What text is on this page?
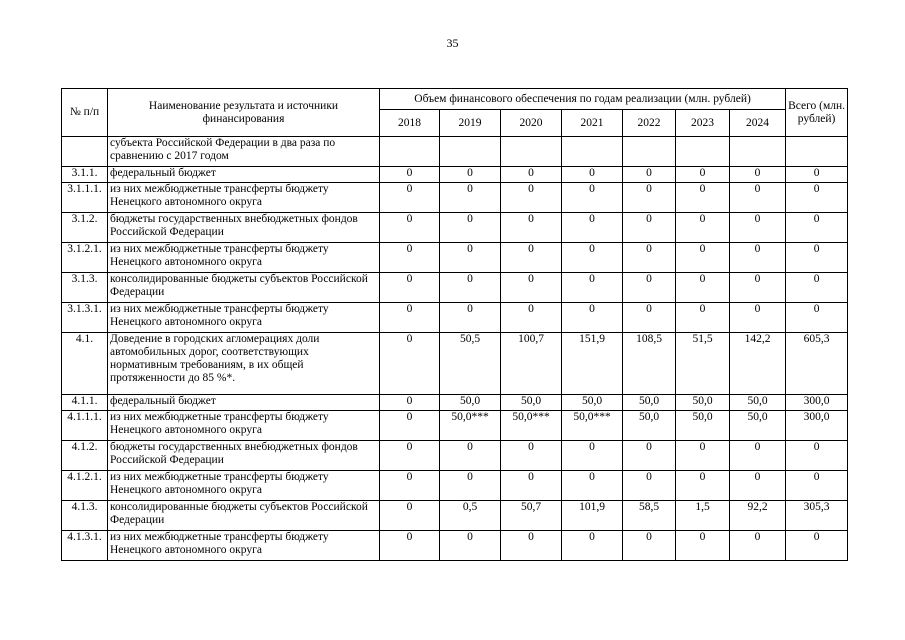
35
№ п/п	Наименование результата и источники финансирования	Объем финансового обеспечения по годам реализации (млн. рублей)							Всего (млн. рублей)
		2018	2019	2020	2021	2022	2023	2024	
	субъекта Российской Федерации в два раза по сравнению с 2017 годом								
3.1.1.	федеральный бюджет	0	0	0	0	0	0	0	0
3.1.1.1.	из них межбюджетные трансферты бюджету Ненецкого автономного округа	0	0	0	0	0	0	0	0
3.1.2.	бюджеты государственных внебюджетных фондов Российской Федерации	0	0	0	0	0	0	0	0
3.1.2.1.	из них межбюджетные трансферты бюджету Ненецкого автономного округа	0	0	0	0	0	0	0	0
3.1.3.	консолидированные бюджеты субъектов Российской Федерации	0	0	0	0	0	0	0	0
3.1.3.1.	из них межбюджетные трансферты бюджету Ненецкого автономного округа	0	0	0	0	0	0	0	0
4.1.	Доведение в городских агломерациях доли автомобильных дорог, соответствующих нормативным требованиям, в их общей протяженности до 85 %*.	0	50,5	100,7	151,9	108,5	51,5	142,2	605,3
4.1.1.	федеральный бюджет	0	50,0	50,0	50,0	50,0	50,0	50,0	300,0
4.1.1.1.	из них межбюджетные трансферты бюджету Ненецкого автономного округа	0	50,0***	50,0***	50,0***	50,0	50,0	50,0	300,0
4.1.2.	бюджеты государственных внебюджетных фондов Российской Федерации	0	0	0	0	0	0	0	0
4.1.2.1.	из них межбюджетные трансферты бюджету Ненецкого автономного округа	0	0	0	0	0	0	0	0
4.1.3.	консолидированные бюджеты субъектов Российской Федерации	0	0,5	50,7	101,9	58,5	1,5	92,2	305,3
4.1.3.1.	из них межбюджетные трансферты бюджету Ненецкого автономного округа	0	0	0	0	0	0	0	0
